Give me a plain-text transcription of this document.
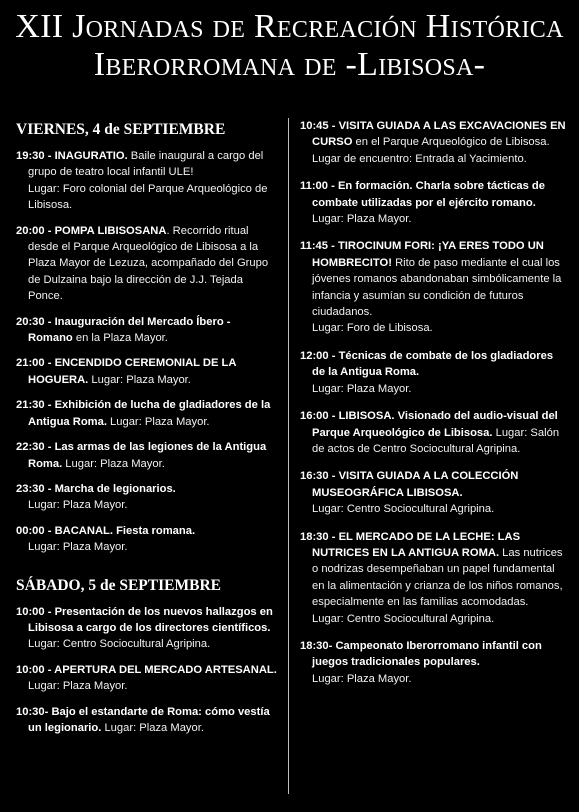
XII Jornadas de Recreación Histórica
Iberorromana de -Libisosa-
VIERNES, 4 de SEPTIEMBRE
19:30 - INAGURATIO. Baile inaugural a cargo del grupo de teatro local infantil ULE!
Lugar: Foro colonial del Parque Arqueológico de Libisosa.
20:00 - POMPA LIBISOSANA. Recorrido ritual desde el Parque Arqueológico de Libisosa a la Plaza Mayor de Lezuza, acompañado del Grupo de Dulzaina bajo la dirección de J.J. Tejada Ponce.
20:30 - Inauguración del Mercado Íbero - Romano en la Plaza Mayor.
21:00 - ENCENDIDO CEREMONIAL DE LA HOGUERA. Lugar: Plaza Mayor.
21:30 - Exhibición de lucha de gladiadores de la Antigua Roma. Lugar: Plaza Mayor.
22:30 - Las armas de las legiones de la Antigua Roma. Lugar: Plaza Mayor.
23:30 - Marcha de legionarios.
Lugar: Plaza Mayor.
00:00 - BACANAL. Fiesta romana.
Lugar: Plaza Mayor.
SÁBADO, 5 de SEPTIEMBRE
10:00 - Presentación de los nuevos hallazgos en Libisosa a cargo de los directores científicos. Lugar: Centro Sociocultural Agripina.
10:00 - APERTURA DEL MERCADO ARTESANAL. Lugar: Plaza Mayor.
10:30- Bajo el estandarte de Roma: cómo vestía un legionario. Lugar: Plaza Mayor.
10:45 - VISITA GUIADA A LAS EXCAVACIONES EN CURSO en el Parque Arqueológico de Libisosa. Lugar de encuentro: Entrada al Yacimiento.
11:00 - En formación. Charla sobre tácticas de combate utilizadas por el ejército romano. Lugar: Plaza Mayor.
11:45 - TIROCINUM FORI: ¡YA ERES TODO UN HOMBRECITO! Rito de paso mediante el cual los jóvenes romanos abandonaban simbólicamente la infancia y asumían su condición de futuros ciudadanos.
Lugar: Foro de Libisosa.
12:00 - Técnicas de combate de los gladiadores de la Antigua Roma.
Lugar: Plaza Mayor.
16:00 - LIBISOSA. Visionado del audio-visual del Parque Arqueológico de Libisosa. Lugar: Salón de actos de Centro Sociocultural Agripina.
16:30 - VISITA GUIADA A LA COLECCIÓN MUSEOGRÁFICA LIBISOSA.
Lugar: Centro Sociocultural Agripina.
18:30 - EL MERCADO DE LA LECHE: LAS NUTRICES EN LA ANTIGUA ROMA. Las nutrices o nodrizas desempeñaban un papel fundamental en la alimentación y crianza de los niños romanos, especialmente en las familias acomodadas.
Lugar: Centro Sociocultural Agripina.
18:30- Campeonato Iberorromano infantil con juegos tradicionales populares.
Lugar: Plaza Mayor.
